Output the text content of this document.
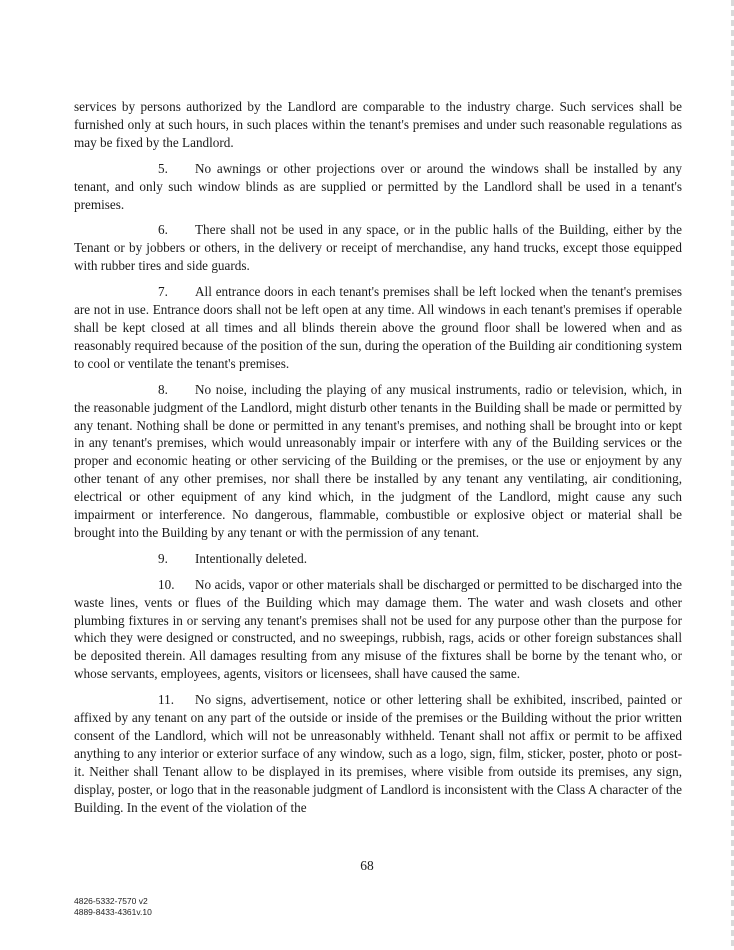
services by persons authorized by the Landlord are comparable to the industry charge. Such services shall be furnished only at such hours, in such places within the tenant's premises and under such reasonable regulations as may be fixed by the Landlord.

5. No awnings or other projections over or around the windows shall be installed by any tenant, and only such window blinds as are supplied or permitted by the Landlord shall be used in a tenant's premises.

6. There shall not be used in any space, or in the public halls of the Building, either by the Tenant or by jobbers or others, in the delivery or receipt of merchandise, any hand trucks, except those equipped with rubber tires and side guards.

7. All entrance doors in each tenant's premises shall be left locked when the tenant's premises are not in use. Entrance doors shall not be left open at any time. All windows in each tenant's premises if operable shall be kept closed at all times and all blinds therein above the ground floor shall be lowered when and as reasonably required because of the position of the sun, during the operation of the Building air conditioning system to cool or ventilate the tenant's premises.

8. No noise, including the playing of any musical instruments, radio or television, which, in the reasonable judgment of the Landlord, might disturb other tenants in the Building shall be made or permitted by any tenant. Nothing shall be done or permitted in any tenant's premises, and nothing shall be brought into or kept in any tenant's premises, which would unreasonably impair or interfere with any of the Building services or the proper and economic heating or other servicing of the Building or the premises, or the use or enjoyment by any other tenant of any other premises, nor shall there be installed by any tenant any ventilating, air conditioning, electrical or other equipment of any kind which, in the judgment of the Landlord, might cause any such impairment or interference. No dangerous, flammable, combustible or explosive object or material shall be brought into the Building by any tenant or with the permission of any tenant.

9. Intentionally deleted.

10. No acids, vapor or other materials shall be discharged or permitted to be discharged into the waste lines, vents or flues of the Building which may damage them. The water and wash closets and other plumbing fixtures in or serving any tenant's premises shall not be used for any purpose other than the purpose for which they were designed or constructed, and no sweepings, rubbish, rags, acids or other foreign substances shall be deposited therein. All damages resulting from any misuse of the fixtures shall be borne by the tenant who, or whose servants, employees, agents, visitors or licensees, shall have caused the same.

11. No signs, advertisement, notice or other lettering shall be exhibited, inscribed, painted or affixed by any tenant on any part of the outside or inside of the premises or the Building without the prior written consent of the Landlord, which will not be unreasonably withheld. Tenant shall not affix or permit to be affixed anything to any interior or exterior surface of any window, such as a logo, sign, film, sticker, poster, photo or post-it. Neither shall Tenant allow to be displayed in its premises, where visible from outside its premises, any sign, display, poster, or logo that in the reasonable judgment of Landlord is inconsistent with the Class A character of the Building. In the event of the violation of the

68
4826-5332-7570 v2
4889-8433-4361v.10
